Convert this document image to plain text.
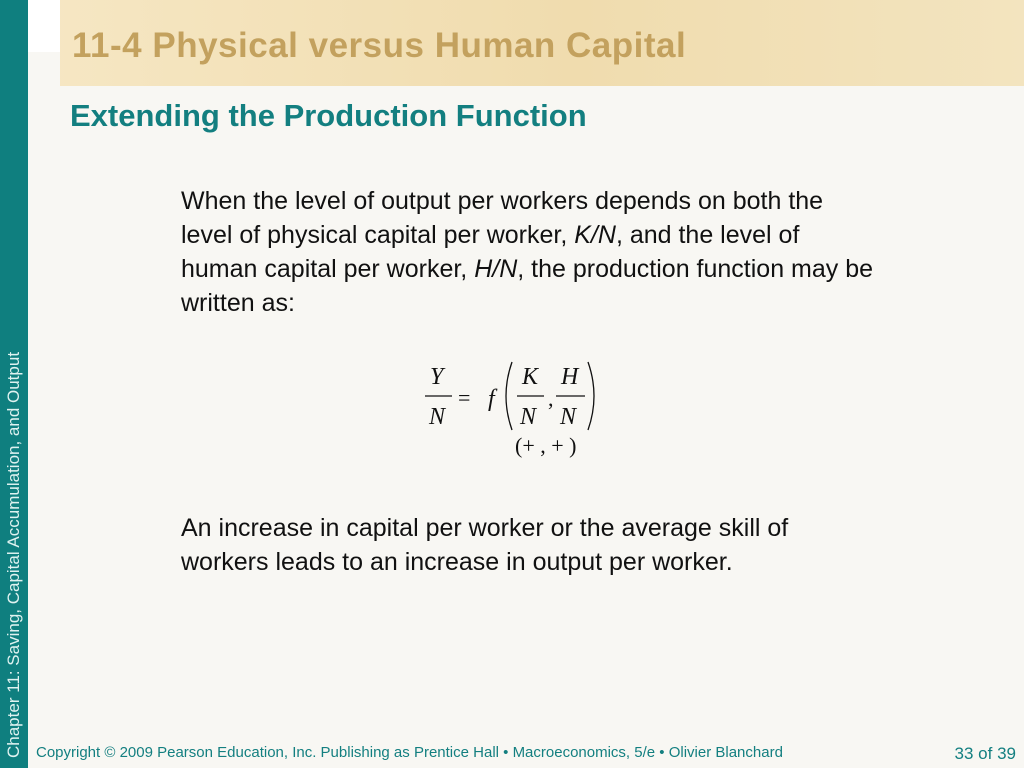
Chapter 11: Saving, Capital Accumulation, and Output
11-4 Physical versus Human Capital
Extending the Production Function

When the level of output per workers depends on both the level of physical capital per worker, K/N, and the level of human capital per worker, H/N, the production function may be written as:

Y
N
f
K
N
H
N
=	,
(+ , + )

An increase in capital per worker or the average skill of workers leads to an increase in output per worker.

Copyright © 2009 Pearson Education, Inc. Publishing as Prentice Hall • Macroeconomics, 5/e • Olivier Blanchard	33 of 39
